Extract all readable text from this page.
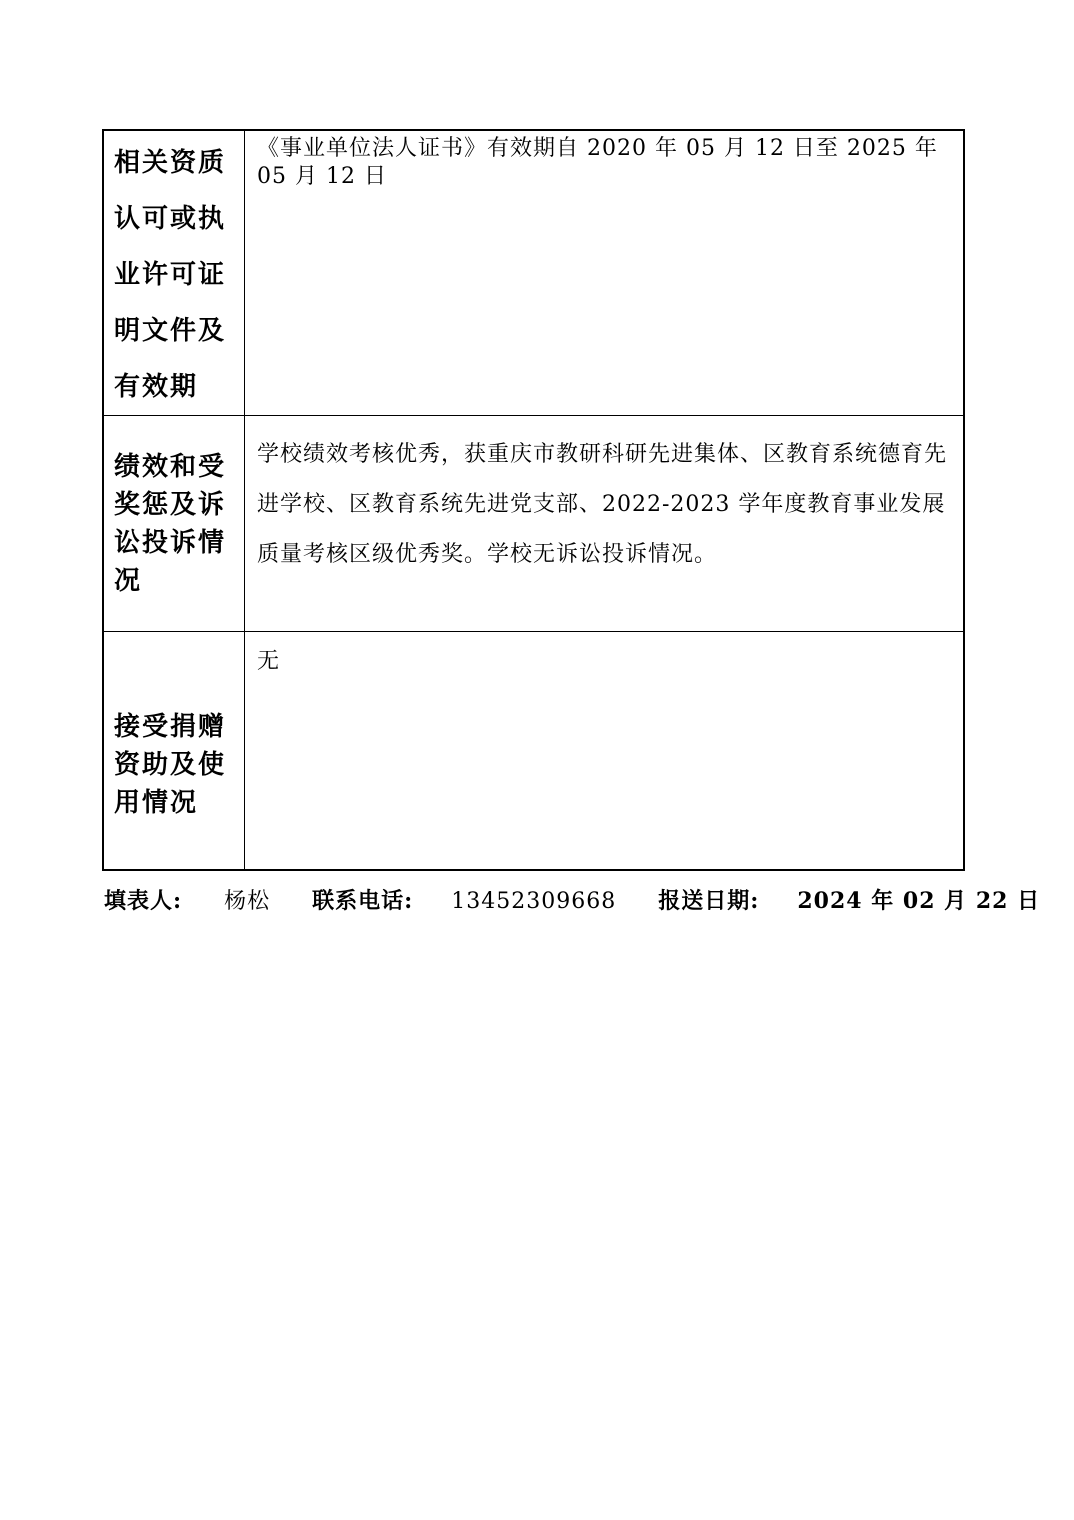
相关资质认可或执业许可证明文件及有效期	《事业单位法人证书》有效期自 2020 年 05 月 12 日至 2025 年 05 月 12 日

绩效和受奖惩及诉讼投诉情况	学校绩效考核优秀，获重庆市教研科研先进集体、区教育系统德育先进学校、区教育系统先进党支部、2022-2023 学年度教育事业发展质量考核区级优秀奖。学校无诉讼投诉情况。

接受捐赠资助及使用情况	无
填表人: 杨松 联系电话: 13452309668 报送日期: 2024 年 02 月 22 日
